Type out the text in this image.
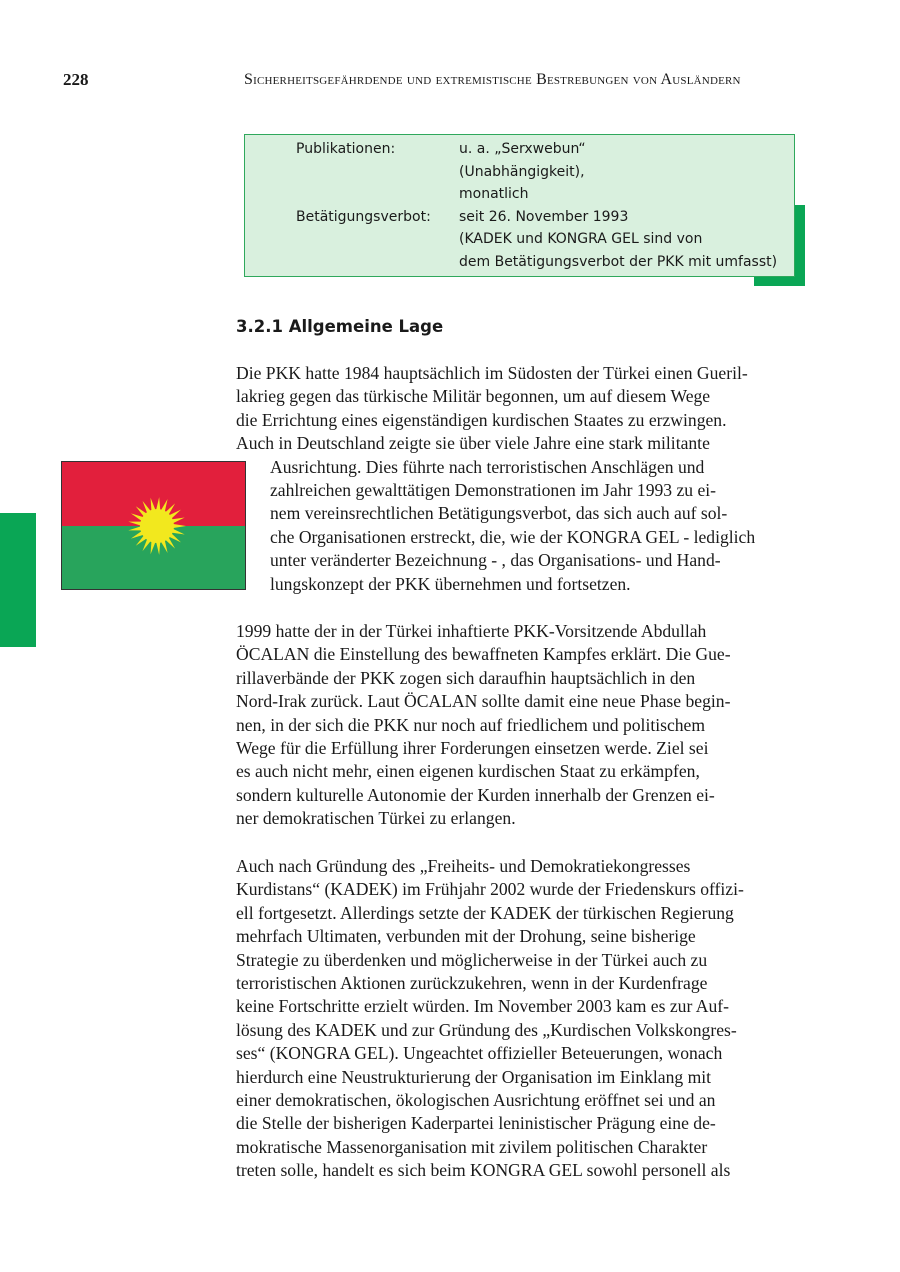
228	Sicherheitsgefährdende und extremistische Bestrebungen von Ausländern
Publikationen:	u. a. „Serxwebun“
(Unabhängigkeit),
monatlich
Betätigungsverbot: seit 26. November 1993
(KADEK und KONGRA GEL sind von
dem Betätigungsverbot der PKK mit umfasst)
3.2.1 Allgemeine Lage
Die PKK hatte 1984 hauptsächlich im Südosten der Türkei einen Gueril-
lakrieg gegen das türkische Militär begonnen, um auf diesem Wege
die Errichtung eines eigenständigen kurdischen Staates zu erzwingen.
Auch in Deutschland zeigte sie über viele Jahre eine stark militante
Ausrichtung. Dies führte nach terroristischen Anschlägen und
zahlreichen gewalttätigen Demonstrationen im Jahr 1993 zu ei-
nem vereinsrechtlichen Betätigungsverbot, das sich auch auf sol-
che Organisationen erstreckt, die, wie der KONGRA GEL - lediglich
unter veränderter Bezeichnung - , das Organisations- und Hand-
lungskonzept der PKK übernehmen und fortsetzen.
1999 hatte der in der Türkei inhaftierte PKK-Vorsitzende Abdullah
ÖCALAN die Einstellung des bewaffneten Kampfes erklärt. Die Gue-
rillaverbände der PKK zogen sich daraufhin hauptsächlich in den
Nord-Irak zurück. Laut ÖCALAN sollte damit eine neue Phase begin-
nen, in der sich die PKK nur noch auf friedlichem und politischem
Wege für die Erfüllung ihrer Forderungen einsetzen werde. Ziel sei
es auch nicht mehr, einen eigenen kurdischen Staat zu erkämpfen,
sondern kulturelle Autonomie der Kurden innerhalb der Grenzen ei-
ner demokratischen Türkei zu erlangen.
Auch nach Gründung des „Freiheits- und Demokratiekongresses
Kurdistans“ (KADEK) im Frühjahr 2002 wurde der Friedenskurs offizi-
ell fortgesetzt. Allerdings setzte der KADEK der türkischen Regierung
mehrfach Ultimaten, verbunden mit der Drohung, seine bisherige
Strategie zu überdenken und möglicherweise in der Türkei auch zu
terroristischen Aktionen zurückzukehren, wenn in der Kurdenfrage
keine Fortschritte erzielt würden. Im November 2003 kam es zur Auf-
lösung des KADEK und zur Gründung des „Kurdischen Volkskongres-
ses“ (KONGRA GEL). Ungeachtet offizieller Beteuerungen, wonach
hierdurch eine Neustrukturierung der Organisation im Einklang mit
einer demokratischen, ökologischen Ausrichtung eröffnet sei und an
die Stelle der bisherigen Kaderpartei leninistischer Prägung eine de-
mokratische Massenorganisation mit zivilem politischen Charakter
treten solle, handelt es sich beim KONGRA GEL sowohl personell als
